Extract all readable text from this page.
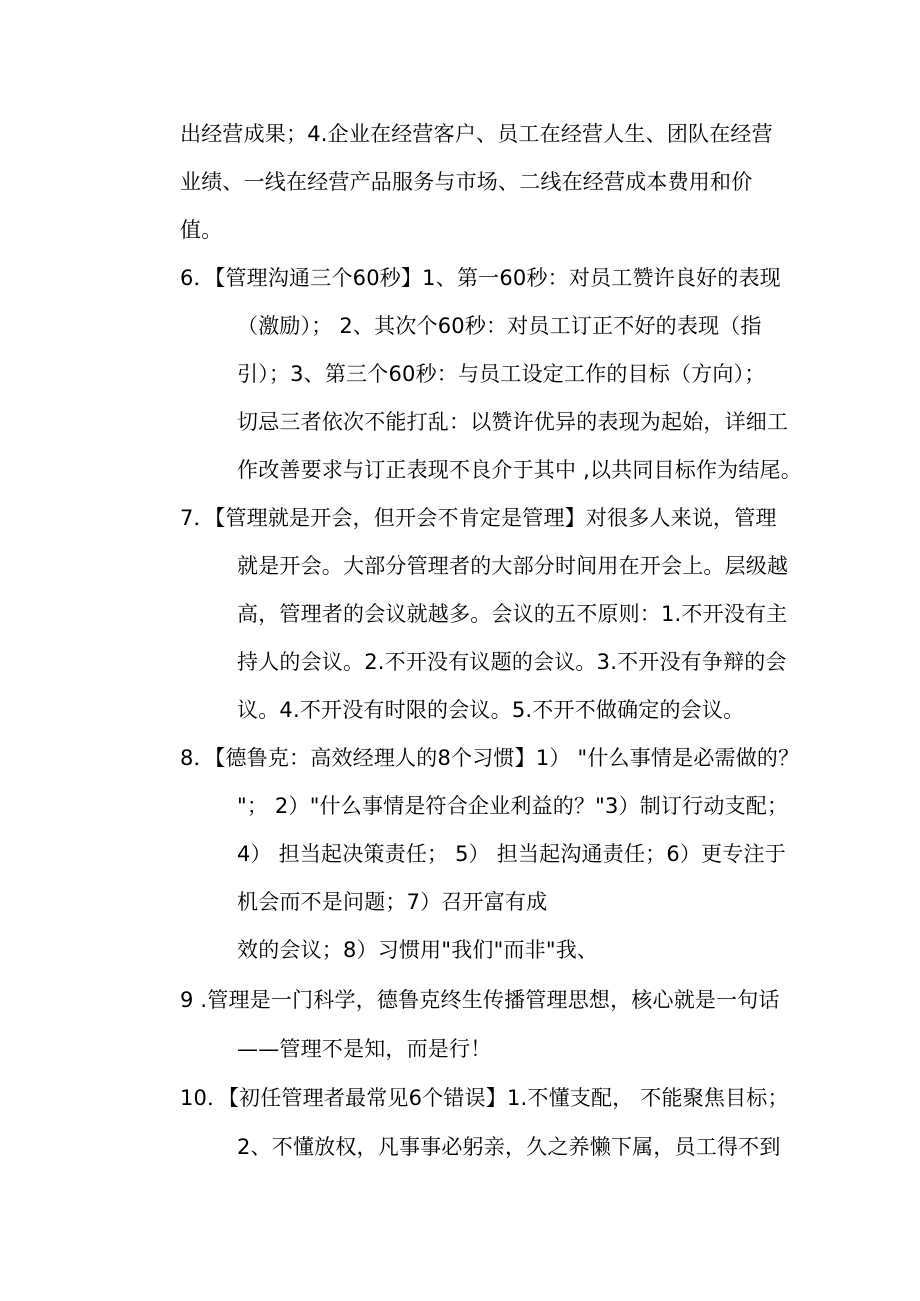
出经营成果；4.企业在经营客户、员工在经营人生、团队在经营
业绩、一线在经营产品服务与市场、二线在经营成本费用和价
值。
6．【管理沟通三个60秒】1、第一60秒：对员工赞许良好的表现
（激励）； 2、其次个60秒：对员工订正不好的表现（指
引）；3、第三个60秒：与员工设定工作的目标（方向）；
切忌三者依次不能打乱：以赞许优异的表现为起始，详细工
作改善要求与订正表现不良介于其中 ,以共同目标作为结尾。
7．【管理就是开会，但开会不肯定是管理】对很多人来说，管理
就是开会。大部分管理者的大部分时间用在开会上。层级越
高，管理者的会议就越多。会议的五不原则：1.不开没有主
持人的会议。2.不开没有议题的会议。3.不开没有争辩的会
议。4.不开没有时限的会议。5.不开不做确定的会议。
8．【德鲁克：高效经理人的8个习惯】1） "什么事情是必需做的？
"； 2）"什么事情是符合企业利益的？"3）制订行动支配；
4） 担当起决策责任； 5） 担当起沟通责任；6）更专注于
机会而不是问题；7）召开富有成
效的会议；8）习惯用"我们"而非"我、
9 .管理是一门科学，德鲁克终生传播管理思想，核心就是一句话
——管理不是知，而是行！
10．【初任管理者最常见6个错误】1.不懂支配， 不能聚焦目标；
2、不懂放权，凡事事必躬亲，久之养懒下属，员工得不到
